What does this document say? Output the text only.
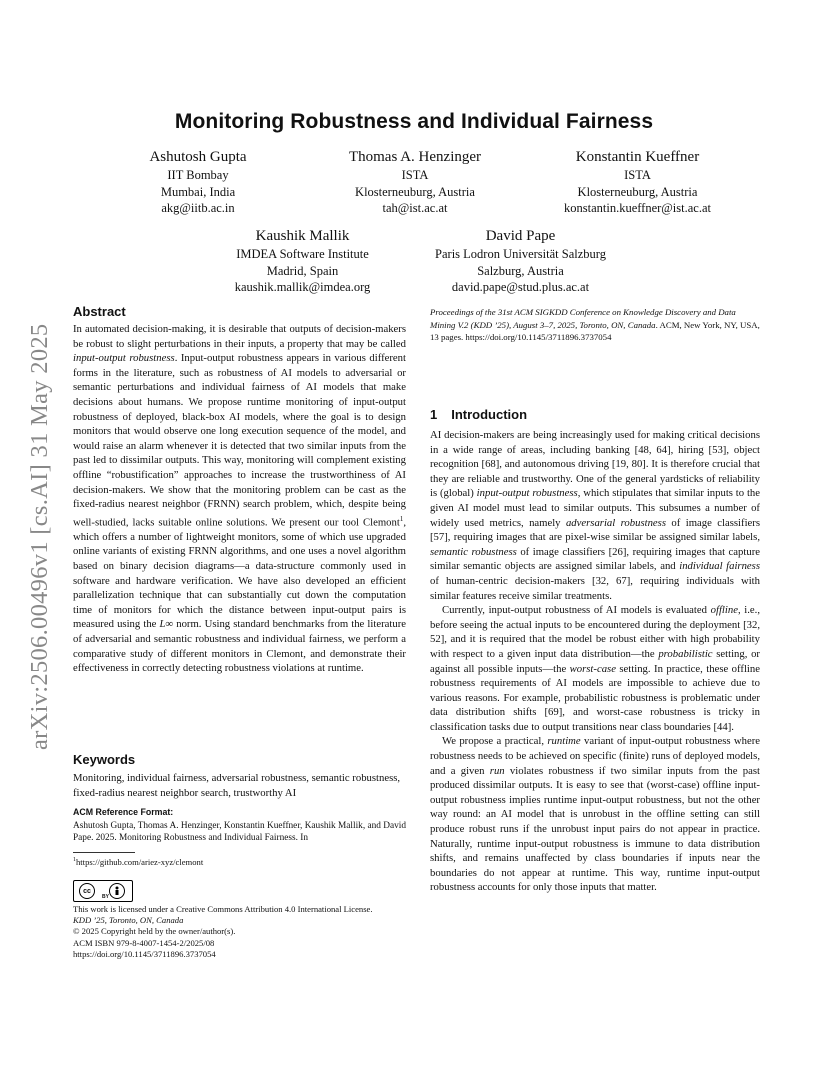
arXiv:2506.00496v1 [cs.AI] 31 May 2025
Monitoring Robustness and Individual Fairness
Ashutosh Gupta
IIT Bombay
Mumbai, India
akg@iitb.ac.in
Thomas A. Henzinger
ISTA
Klosterneuburg, Austria
tah@ist.ac.at
Konstantin Kueffner
ISTA
Klosterneuburg, Austria
konstantin.kueffner@ist.ac.at
Kaushik Mallik
IMDEA Software Institute
Madrid, Spain
kaushik.mallik@imdea.org
David Pape
Paris Lodron Universität Salzburg
Salzburg, Austria
david.pape@stud.plus.ac.at
Abstract

In automated decision-making, it is desirable that outputs of decision-makers be robust to slight perturbations in their inputs, a property that may be called input-output robustness. Input-output robustness appears in various different forms in the literature, such as robustness of AI models to adversarial or semantic perturbations and individual fairness of AI models that make decisions about humans. We propose runtime monitoring of input-output robustness of deployed, black-box AI models, where the goal is to design monitors that would observe one long execution sequence of the model, and would raise an alarm whenever it is detected that two similar inputs from the past led to dissimilar outputs. This way, monitoring will complement existing offline “robustification” approaches to increase the trustworthiness of AI decision-makers. We show that the monitoring problem can be cast as the fixed-radius nearest neighbor (FRNN) search problem, which, despite being well-studied, lacks suitable online solutions. We present our tool Clemont$^1$, which offers a number of lightweight monitors, some of which use upgraded online variants of existing FRNN algorithms, and one uses a novel algorithm based on binary decision diagrams—a data-structure commonly used in software and hardware verification. We have also developed an efficient parallelization technique that can substantially cut down the computation time of monitors for which the distance between input-output pairs is measured using the L∞ norm. Using standard benchmarks from the literature of adversarial and semantic robustness and individual fairness, we perform a comparative study of different monitors in Clemont, and demonstrate their effectiveness in correctly detecting robustness violations at runtime.

Keywords
Monitoring, individual fairness, adversarial robustness, semantic robustness, fixed-radius nearest neighbor search, trustworthy AI
ACM Reference Format:
Ashutosh Gupta, Thomas A. Henzinger, Konstantin Kueffner, Kaushik Mallik, and David Pape. 2025. Monitoring Robustness and Individual Fairness. In
$^1$https://github.com/ariez-xyz/clemont
cc
BY
This work is licensed under a Creative Commons Attribution 4.0 International License.
KDD ’25, Toronto, ON, Canada
© 2025 Copyright held by the owner/author(s).
ACM ISBN 979-8-4007-1454-2/2025/08
https://doi.org/10.1145/3711896.3737054
Proceedings of the 31st ACM SIGKDD Conference on Knowledge Discovery and Data Mining V.2 (KDD ’25), August 3–7, 2025, Toronto, ON, Canada. ACM, New York, NY, USA, 13 pages. https://doi.org/10.1145/3711896.3737054
1 Introduction

AI decision-makers are being increasingly used for making critical decisions in a wide range of areas, including banking [48, 64], hiring [53], object recognition [68], and autonomous driving [19, 80]. It is therefore crucial that they are reliable and trustworthy. One of the general yardsticks of reliability is (global) input-output robustness, which stipulates that similar inputs to the given AI model must lead to similar outputs. This subsumes a number of widely used metrics, namely adversarial robustness of image classifiers [57], requiring images that are pixel-wise similar be assigned similar labels, semantic robustness of image classifiers [26], requiring images that capture similar semantic objects are assigned similar labels, and individual fairness of human-centric decision-makers [32, 67], requiring individuals with similar features receive similar treatments.

Currently, input-output robustness of AI models is evaluated offline, i.e., before seeing the actual inputs to be encountered during the deployment [32, 52], and it is required that the model be robust either with high probability with respect to a given input data distribution—the probabilistic setting, or against all possible inputs—the worst-case setting. In practice, these offline robustness requirements of AI models are impossible to achieve due to various reasons. For example, probabilistic robustness is problematic under data distribution shifts [69], and worst-case robustness is tricky in classification tasks due to output transitions near class boundaries [44].

We propose a practical, runtime variant of input-output robustness where robustness needs to be achieved on specific (finite) runs of deployed models, and a given run violates robustness if two similar inputs from the past produced dissimilar outputs. It is easy to see that (worst-case) offline input-output robustness implies runtime input-output robustness, but not the other way round: an AI model that is unrobust in the offline setting can still produce robust runs if the unrobust input pairs do not appear in practice. Naturally, runtime input-output robustness is immune to data distribution shifts, and remains unaffected by class boundaries if inputs near the boundaries do not appear at runtime. This way, runtime input-output robustness accounts for only those inputs that matter.
